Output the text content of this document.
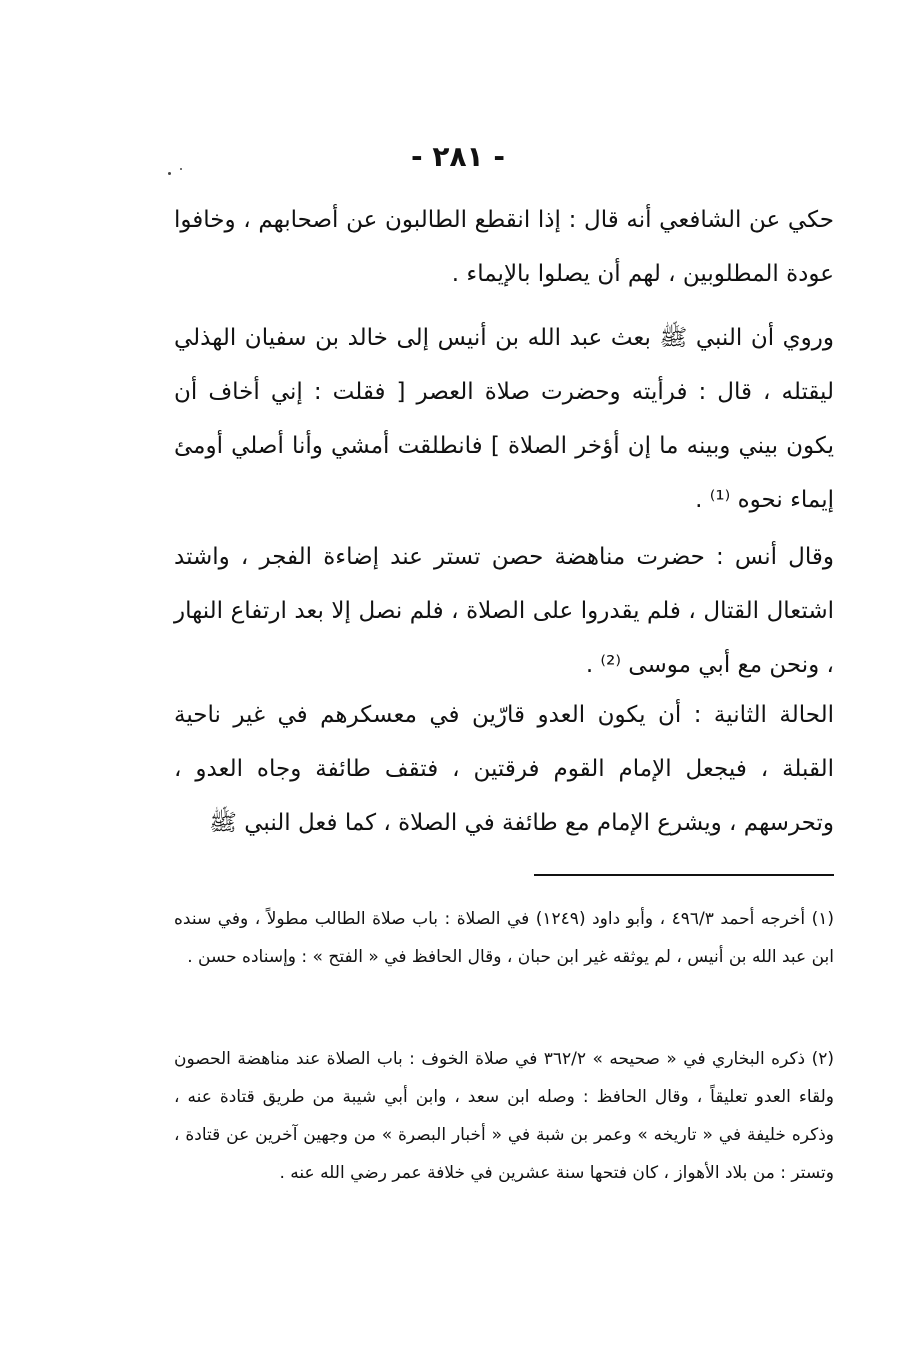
- ٢٨١ -

حكي عن الشافعي أنه قال : إذا انقطع الطالبون عن أصحابهم ، وخافوا عودة المطلوبين ، لهم أن يصلوا بالإيماء .

وروي أن النبي ﷺ بعث عبد الله بن أنيس إلى خالد بن سفيان الهذلي ليقتله ، قال : فرأيته وحضرت صلاة العصر [ فقلت : إني أخاف أن يكون بيني وبينه ما إن أؤخر الصلاة ] فانطلقت أمشي وأنا أصلي أومئ إيماء نحوه ⁽¹⁾ .

وقال أنس : حضرت مناهضة حصن تستر عند إضاءة الفجر ، واشتد اشتعال القتال ، فلم يقدروا على الصلاة ، فلم نصل إلا بعد ارتفاع النهار ، ونحن مع أبي موسى ⁽²⁾ .

الحالة الثانية : أن يكون العدو قارّين في معسكرهم في غير ناحية القبلة ، فيجعل الإمام القوم فرقتين ، فتقف طائفة وجاه العدو ، وتحرسهم ، ويشرع الإمام مع طائفة في الصلاة ، كما فعل النبي ﷺ

(١) أخرجه أحمد ٤٩٦/٣ ، وأبو داود (١٢٤٩) في الصلاة : باب صلاة الطالب مطولاً ، وفي سنده ابن عبد الله بن أنيس ، لم يوثقه غير ابن حبان ، وقال الحافظ في « الفتح » : وإسناده حسن .

(٢) ذكره البخاري في « صحيحه » ٣٦٢/٢ في صلاة الخوف : باب الصلاة عند مناهضة الحصون ولقاء العدو تعليقاً ، وقال الحافظ : وصله ابن سعد ، وابن أبي شيبة من طريق قتادة عنه ، وذكره خليفة في « تاريخه » وعمر بن شبة في « أخبار البصرة » من وجهين آخرين عن قتادة ، وتستر : من بلاد الأهواز ، كان فتحها سنة عشرين في خلافة عمر رضي الله عنه .
